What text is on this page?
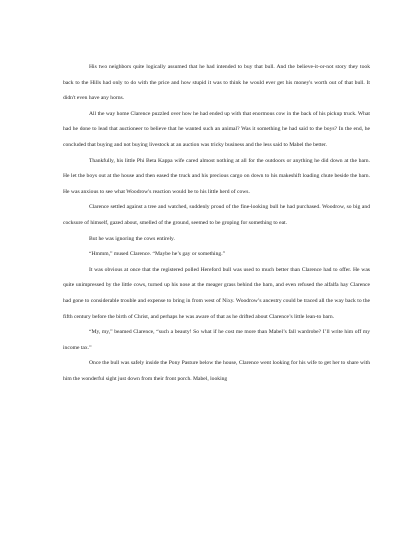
His two neighbors quite logically assumed that he had intended to buy that bull. And the believe-it-or-not story they took back to the Hills had only to do with the price and how stupid it was to think he would ever get his money's worth out of that bull. It didn't even have any horns.

All the way home Clarence puzzled over how he had ended up with that enormous cow in the back of his pickup truck. What had he done to lead that auctioneer to believe that he wanted such an animal? Was it something he had said to the boys? In the end, he concluded that buying and not buying livestock at an auction was tricky business and the less said to Mabel the better.

Thankfully, his little Phi Beta Kappa wife cared almost nothing at all for the outdoors or anything he did down at the barn. He let the boys out at the house and then eased the truck and his precious cargo on down to his makeshift loading chute beside the barn. He was anxious to see what Woodrow's reaction would be to his little herd of cows.

Clarence settled against a tree and watched, suddenly proud of the fine-looking bull he had purchased. Woodrow, so big and cocksure of himself, gazed about, smelled of the ground, seemed to be groping for something to eat.

But he was ignoring the cows entirely.

“Hmmm,” mused Clarence. “Maybe he’s gay or something.”

It was obvious at once that the registered polled Hereford bull was used to much better than Clarence had to offer. He was quite unimpressed by the little cows, turned up his nose at the meager grass behind the barn, and even refused the alfalfa hay Clarence had gone to considerable trouble and expense to bring in from west of Nixy. Woodrow’s ancestry could be traced all the way back to the fifth century before the birth of Christ, and perhaps he was aware of that as he drifted about Clarence’s little lean-to barn.

“My, my,” beamed Clarence, “such a beauty! So what if he cost me more than Mabel’s fall wardrobe? I’ll write him off my income tax.”

Once the bull was safely inside the Pony Pasture below the house, Clarence went looking for his wife to get her to share with him the wonderful sight just down from their front porch. Mabel, looking
